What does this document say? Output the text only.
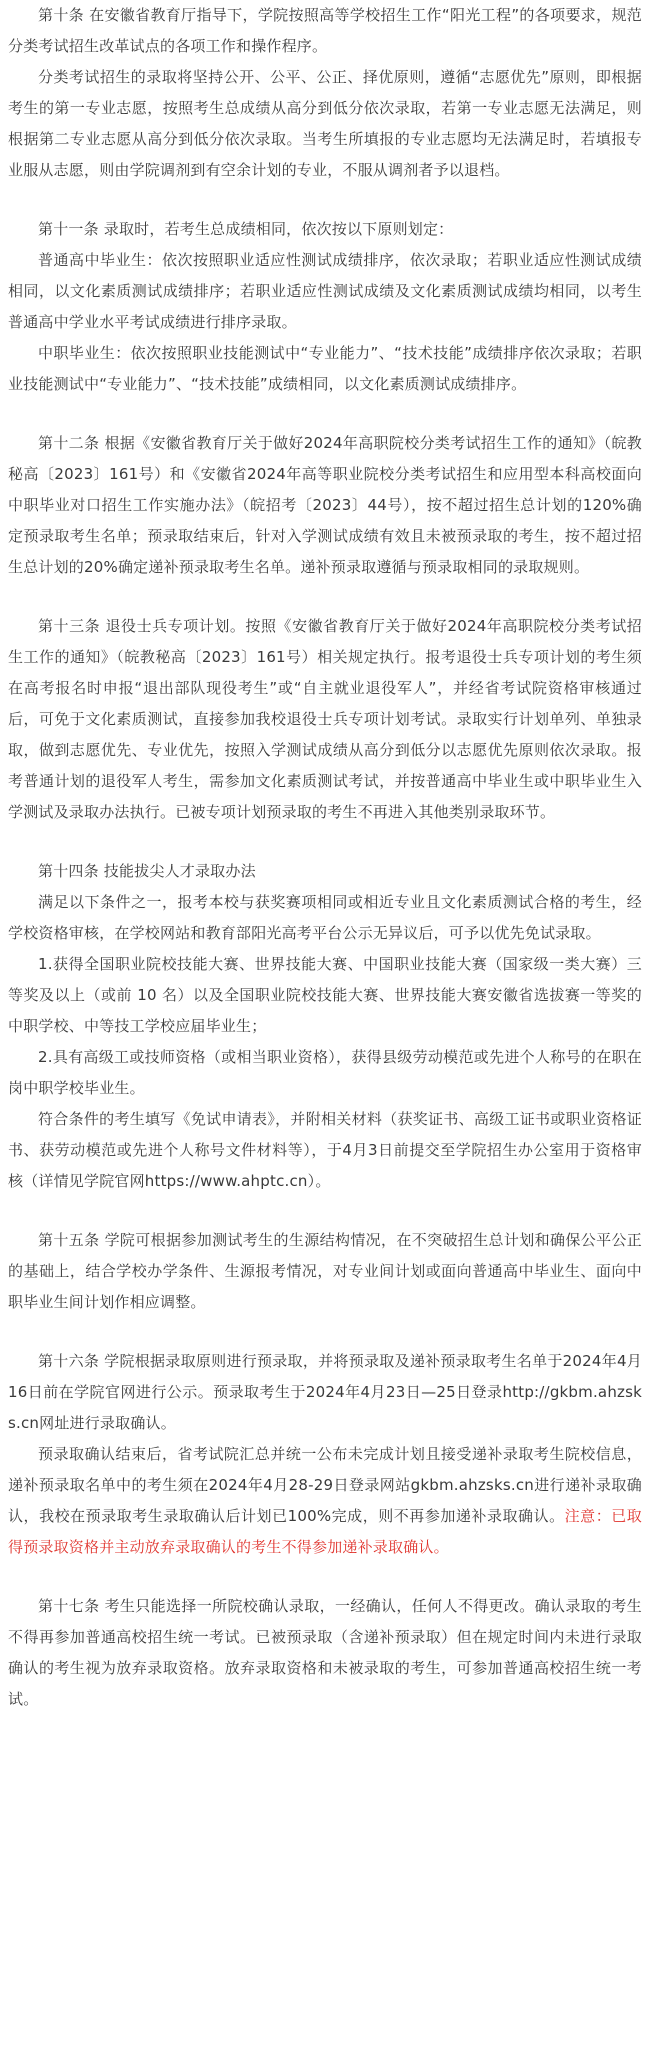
第十条 在安徽省教育厅指导下，学院按照高等学校招生工作“阳光工程”的各项要求，规范分类考试招生改革试点的各项工作和操作程序。

分类考试招生的录取将坚持公开、公平、公正、择优原则，遵循“志愿优先”原则，即根据考生的第一专业志愿，按照考生总成绩从高分到低分依次录取，若第一专业志愿无法满足，则根据第二专业志愿从高分到低分依次录取。当考生所填报的专业志愿均无法满足时，若填报专业服从志愿，则由学院调剂到有空余计划的专业，不服从调剂者予以退档。

第十一条 录取时，若考生总成绩相同，依次按以下原则划定：

普通高中毕业生：依次按照职业适应性测试成绩排序，依次录取；若职业适应性测试成绩相同，以文化素质测试成绩排序；若职业适应性测试成绩及文化素质测试成绩均相同，以考生普通高中学业水平考试成绩进行排序录取。

中职毕业生：依次按照职业技能测试中“专业能力”、“技术技能”成绩排序依次录取；若职业技能测试中“专业能力”、“技术技能”成绩相同，以文化素质测试成绩排序。

第十二条 根据《安徽省教育厅关于做好2024年高职院校分类考试招生工作的通知》（皖教秘高〔2023〕161号）和《安徽省2024年高等职业院校分类考试招生和应用型本科高校面向中职毕业对口招生工作实施办法》（皖招考〔2023〕44号），按不超过招生总计划的120%确定预录取考生名单；预录取结束后，针对入学测试成绩有效且未被预录取的考生，按不超过招生总计划的20%确定递补预录取考生名单。递补预录取遵循与预录取相同的录取规则。

第十三条 退役士兵专项计划。按照《安徽省教育厅关于做好2024年高职院校分类考试招生工作的通知》（皖教秘高〔2023〕161号）相关规定执行。报考退役士兵专项计划的考生须在高考报名时申报“退出部队现役考生”或“自主就业退役军人”，并经省考试院资格审核通过后，可免于文化素质测试，直接参加我校退役士兵专项计划考试。录取实行计划单列、单独录取，做到志愿优先、专业优先，按照入学测试成绩从高分到低分以志愿优先原则依次录取。报考普通计划的退役军人考生，需参加文化素质测试考试，并按普通高中毕业生或中职毕业生入学测试及录取办法执行。已被专项计划预录取的考生不再进入其他类别录取环节。

第十四条 技能拔尖人才录取办法

满足以下条件之一，报考本校与获奖赛项相同或相近专业且文化素质测试合格的考生，经学校资格审核，在学校网站和教育部阳光高考平台公示无异议后，可予以优先免试录取。

1.获得全国职业院校技能大赛、世界技能大赛、中国职业技能大赛（国家级一类大赛）三等奖及以上（或前 10 名）以及全国职业院校技能大赛、世界技能大赛安徽省选拔赛一等奖的中职学校、中等技工学校应届毕业生；

2.具有高级工或技师资格（或相当职业资格），获得县级劳动模范或先进个人称号的在职在岗中职学校毕业生。

符合条件的考生填写《免试申请表》，并附相关材料（获奖证书、高级工证书或职业资格证书、获劳动模范或先进个人称号文件材料等），于4月3日前提交至学院招生办公室用于资格审核（详情见学院官网https://www.ahptc.cn）。

第十五条 学院可根据参加测试考生的生源结构情况，在不突破招生总计划和确保公平公正的基础上，结合学校办学条件、生源报考情况，对专业间计划或面向普通高中毕业生、面向中职毕业生间计划作相应调整。

第十六条 学院根据录取原则进行预录取，并将预录取及递补预录取考生名单于2024年4月16日前在学院官网进行公示。预录取考生于2024年4月23日—25日登录http://gkbm.ahzsks.cn网址进行录取确认。

预录取确认结束后，省考试院汇总并统一公布未完成计划且接受递补录取考生院校信息，递补预录取名单中的考生须在2024年4月28-29日登录网站gkbm.ahzsks.cn进行递补录取确认，我校在预录取考生录取确认后计划已100%完成，则不再参加递补录取确认。注意：已取得预录取资格并主动放弃录取确认的考生不得参加递补录取确认。

第十七条 考生只能选择一所院校确认录取，一经确认，任何人不得更改。确认录取的考生不得再参加普通高校招生统一考试。已被预录取（含递补预录取）但在规定时间内未进行录取确认的考生视为放弃录取资格。放弃录取资格和未被录取的考生，可参加普通高校招生统一考试。
